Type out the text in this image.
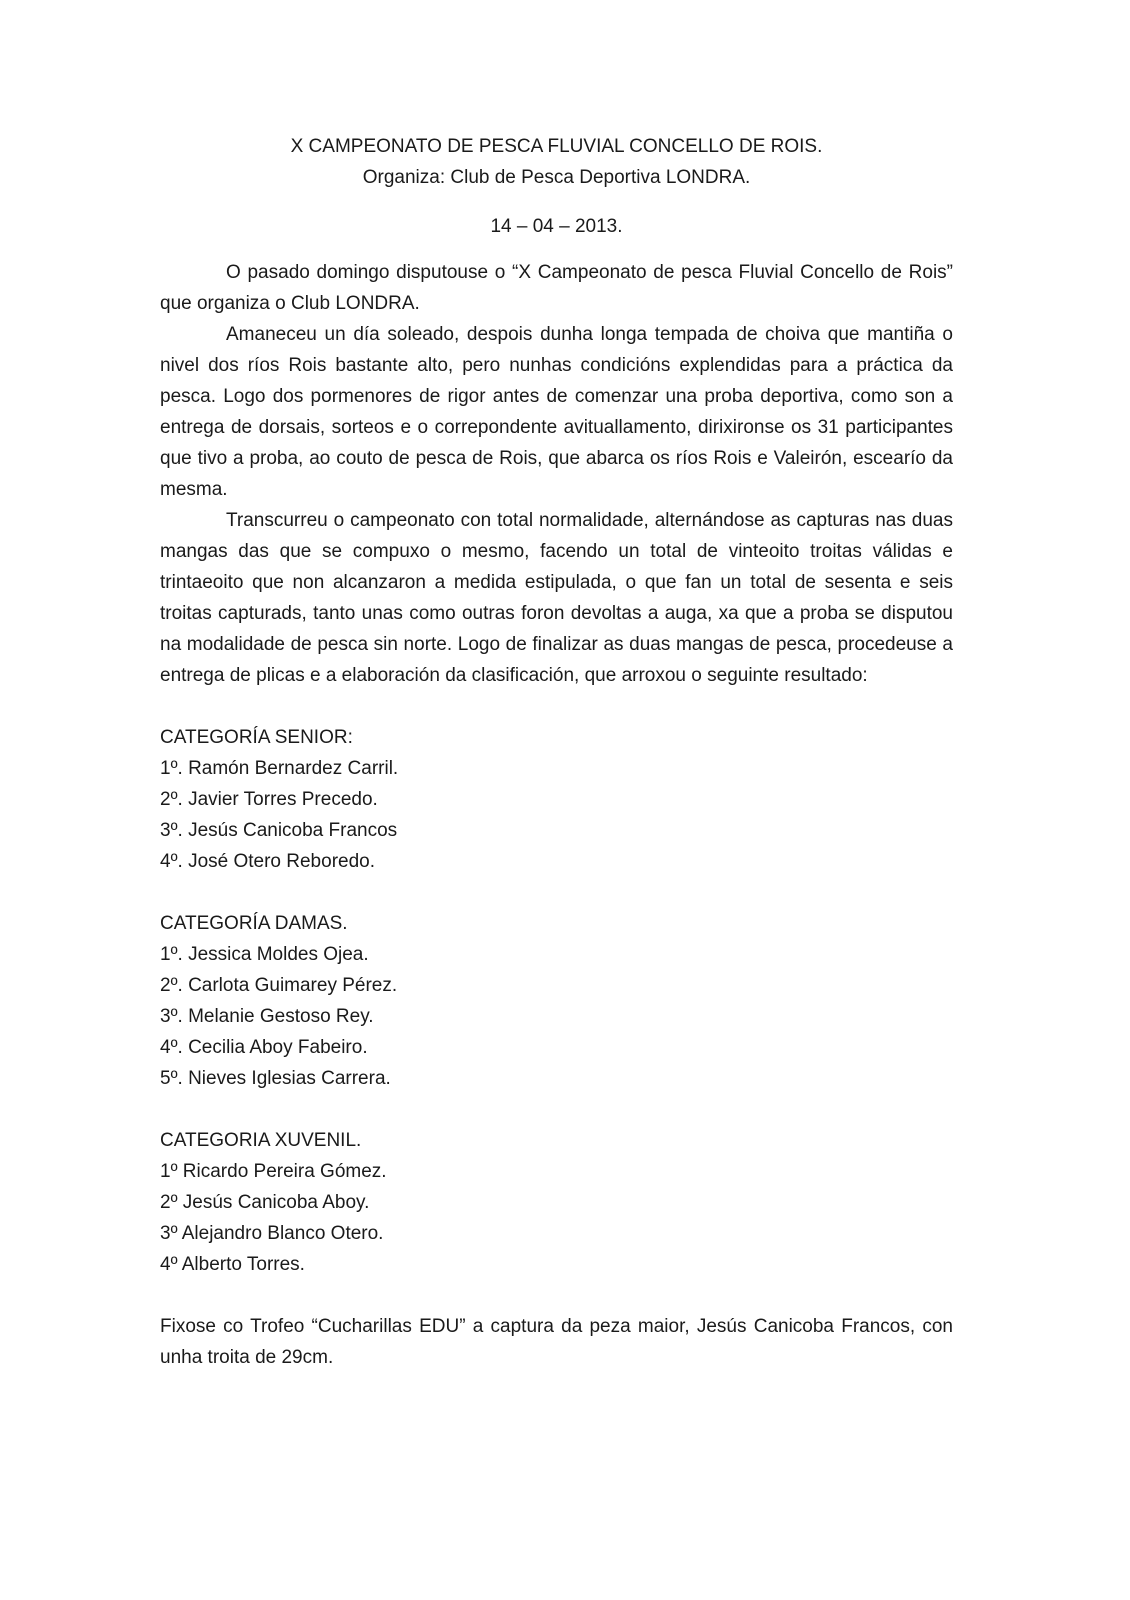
X CAMPEONATO DE PESCA FLUVIAL CONCELLO DE ROIS.

Organiza: Club de Pesca Deportiva LONDRA.

14 – 04 – 2013.

O pasado domingo disputouse o “X Campeonato de pesca Fluvial Concello de Rois” que organiza o Club LONDRA.

Amaneceu un día soleado, despois dunha longa tempada de choiva que mantiña o nivel dos ríos Rois bastante alto, pero nunhas condicións explendidas para a práctica da pesca. Logo dos pormenores de rigor antes de comenzar una proba deportiva, como son a entrega de dorsais, sorteos e o correpondente avituallamento, dirixironse os 31 participantes que tivo a proba, ao couto de pesca de Rois, que abarca os ríos Rois e Valeirón, escearío da mesma.

Transcurreu o campeonato con total normalidade, alternándose as capturas nas duas mangas das que se compuxo o mesmo, facendo un total de vinteoito troitas válidas e trintaeoito que non alcanzaron a medida estipulada, o que fan un total de sesenta e seis troitas capturads, tanto unas como outras foron devoltas a auga, xa que a proba se disputou na modalidade de pesca sin norte. Logo de finalizar as duas mangas de pesca, procedeuse a entrega de plicas e a elaboración da clasificación, que arroxou o seguinte resultado:

CATEGORÍA SENIOR:

1º. Ramón Bernardez Carril.
2º. Javier Torres Precedo.
3º. Jesús Canicoba Francos
4º. José Otero Reboredo.

CATEGORÍA DAMAS.

1º. Jessica Moldes Ojea.
2º. Carlota Guimarey Pérez.
3º. Melanie Gestoso Rey.
4º. Cecilia Aboy Fabeiro.
5º. Nieves Iglesias Carrera.

CATEGORIA XUVENIL.

1º Ricardo Pereira Gómez.
2º Jesús Canicoba Aboy.
3º Alejandro Blanco Otero.
4º Alberto Torres.

Fixose co Trofeo “Cucharillas EDU” a captura da peza maior, Jesús Canicoba Francos, con unha troita de 29cm.
